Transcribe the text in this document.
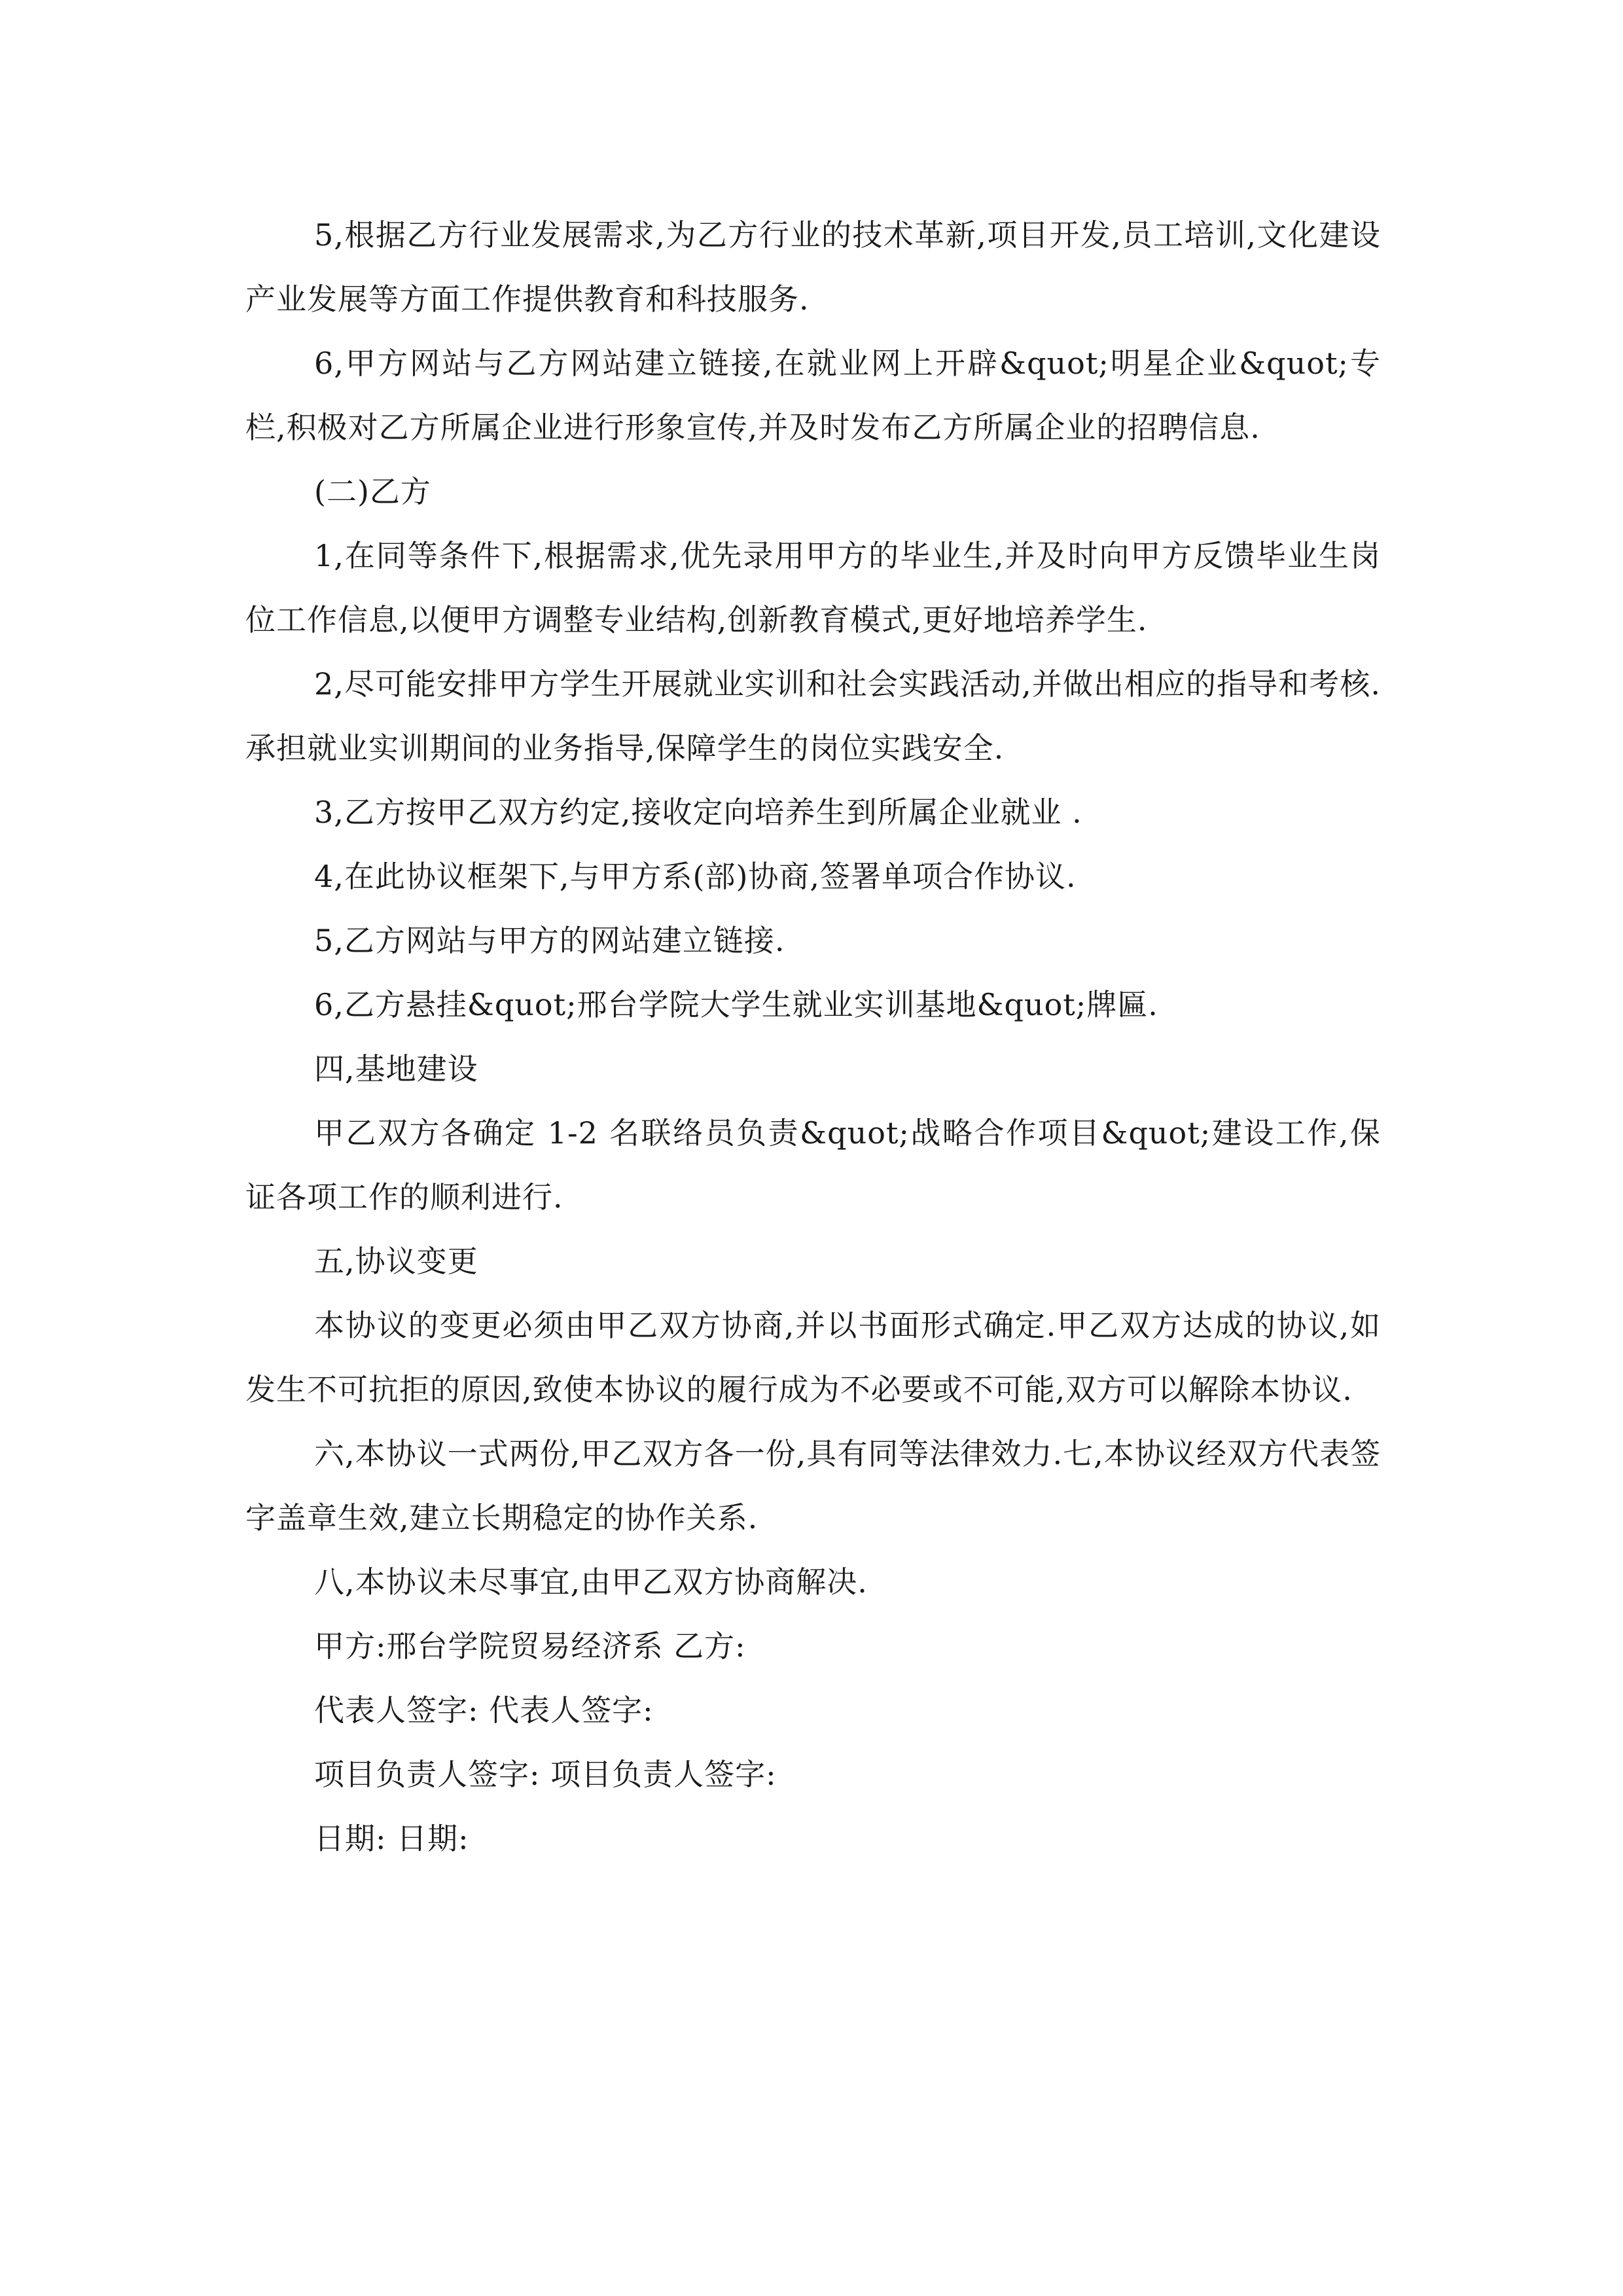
5,根据乙方行业发展需求,为乙方行业的技术革新,项目开发,员工培训,文化建设产业发展等方面工作提供教育和科技服务.

6,甲方网站与乙方网站建立链接,在就业网上开辟&quot;明星企业&quot;专栏,积极对乙方所属企业进行形象宣传,并及时发布乙方所属企业的招聘信息.

(二)乙方

1,在同等条件下,根据需求,优先录用甲方的毕业生,并及时向甲方反馈毕业生岗位工作信息,以便甲方调整专业结构,创新教育模式,更好地培养学生.

2,尽可能安排甲方学生开展就业实训和社会实践活动,并做出相应的指导和考核.承担就业实训期间的业务指导,保障学生的岗位实践安全.

3,乙方按甲乙双方约定,接收定向培养生到所属企业就业 .

4,在此协议框架下,与甲方系(部)协商,签署单项合作协议.

5,乙方网站与甲方的网站建立链接.

6,乙方悬挂&quot;邢台学院大学生就业实训基地&quot;牌匾.

四,基地建设

甲乙双方各确定 1-2 名联络员负责&quot;战略合作项目&quot;建设工作,保证各项工作的顺利进行.

五,协议变更

本协议的变更必须由甲乙双方协商,并以书面形式确定.甲乙双方达成的协议,如发生不可抗拒的原因,致使本协议的履行成为不必要或不可能,双方可以解除本协议.

六,本协议一式两份,甲乙双方各一份,具有同等法律效力.七,本协议经双方代表签字盖章生效,建立长期稳定的协作关系.

八,本协议未尽事宜,由甲乙双方协商解决.

甲方:邢台学院贸易经济系 乙方:

代表人签字: 代表人签字:

项目负责人签字: 项目负责人签字:

日期: 日期:
